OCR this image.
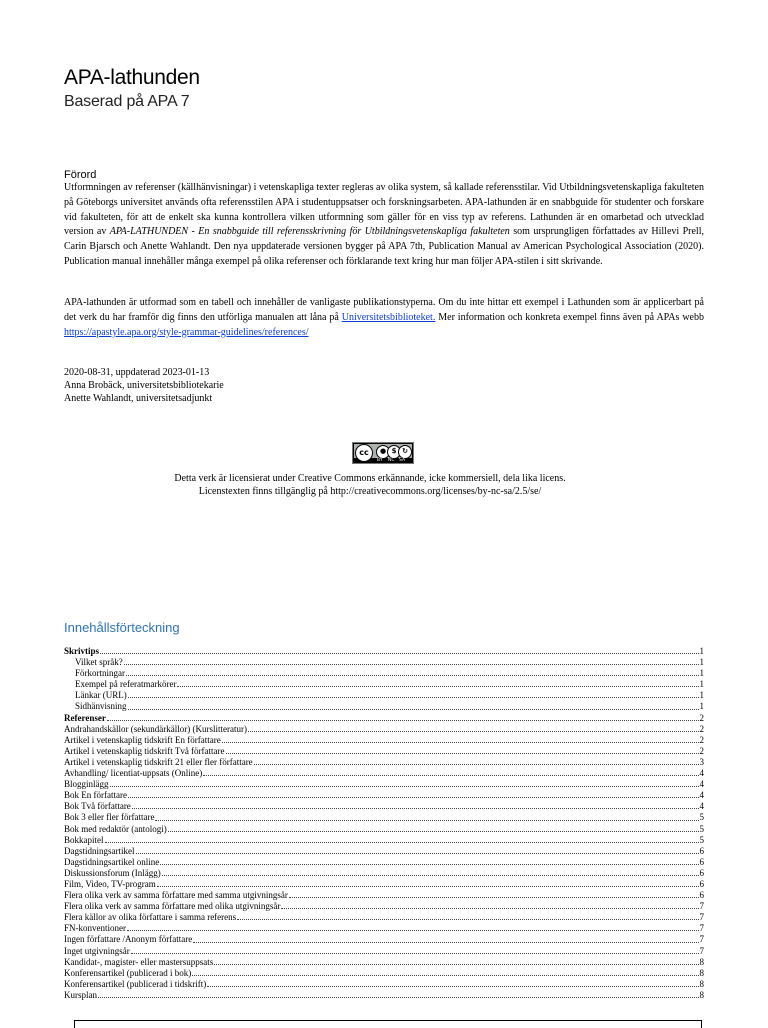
APA-lathunden
Baserad på APA 7
Förord

Utformningen av referenser (källhänvisningar) i vetenskapliga texter regleras av olika system, så kallade referensstilar. Vid Utbildningsvetenskapliga fakulteten på Göteborgs universitet används ofta referensstilen APA i studentuppsatser och forskningsarbeten. APA-lathunden är en snabbguide för studenter och forskare vid fakulteten, för att de enkelt ska kunna kontrollera vilken utformning som gäller för en viss typ av referens. Lathunden är en omarbetad och utvecklad version av APA-LATHUNDEN - En snabbguide till referensskrivning för Utbildningsvetenskapliga fakulteten som ursprungligen författades av Hillevi Prell, Carin Bjarsch och Anette Wahlandt. Den nya uppdaterade versionen bygger på APA 7th, Publication Manual av American Psychological Association (2020). Publication manual innehåller många exempel på olika referenser och förklarande text kring hur man följer APA-stilen i sitt skrivande.

APA-lathunden är utformad som en tabell och innehåller de vanligaste publikationstyperna. Om du inte hittar ett exempel i Lathunden som är applicerbart på det verk du har framför dig finns den utförliga manualen att låna på Universitetsbiblioteket. Mer information och konkreta exempel finns även på APAs webb https://apastyle.apa.org/style-grammar-guidelines/references/

2020-08-31, uppdaterad 2023-01-13
Anna Brobäck, universitetsbibliotekarie
Anette Wahlandt, universitetsadjunkt
cc	● $ ↻
BY NC SA
Detta verk är licensierat under Creative Commons erkännande, icke kommersiell, dela lika licens.
Licenstexten finns tillgänglig på http://creativecommons.org/licenses/by-nc-sa/2.5/se/
Innehållsförteckning
Skrivtips	1
Vilket språk?	1
Förkortningar	1
Exempel på referatmarkörer	1
Länkar (URL)	1
Sidhänvisning	1
Referenser	2
Andrahandskällor (sekundärkällor) (Kurslitteratur)	2
Artikel i vetenskaplig tidskrift En författare	2
Artikel i vetenskaplig tidskrift Två författare	2
Artikel i vetenskaplig tidskrift 21 eller fler författare	3
Avhandling/ licentiat-uppsats (Online)	4
Blogginlägg	4
Bok En författare	4
Bok Två författare	4
Bok 3 eller fler författare	5
Bok med redaktör (antologi)	5
Bokkapitel	5
Dagstidningsartikel	6
Dagstidningsartikel online	6
Diskussionsforum (Inlägg)	6
Film, Video, TV-program	6
Flera olika verk av samma författare med samma utgivningsår	6
Flera olika verk av samma författare med olika utgivningsår	7
Flera källor av olika författare i samma referens	7
FN-konventioner	7
Ingen författare /Anonym författare	7
Inget utgivningsår	7
Kandidat-, magister- eller mastersuppsats	8
Konferensartikel (publicerad i bok)	8
Konferensartikel (publicerad i tidskrift)	8
Kursplan	8
